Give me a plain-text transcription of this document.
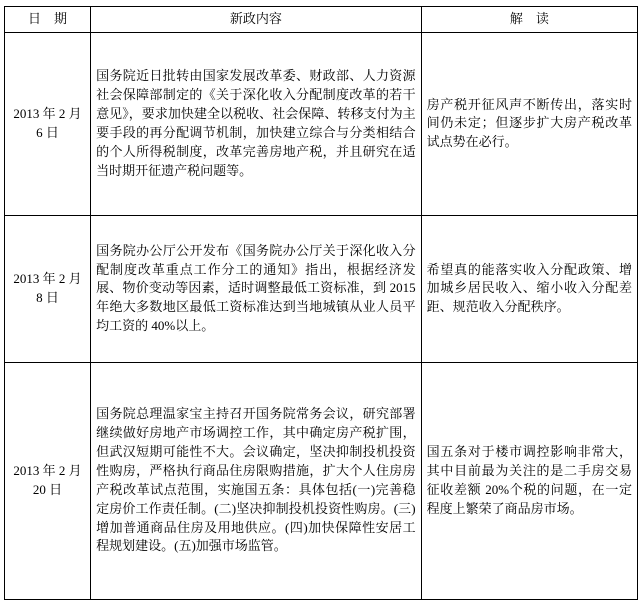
日　期	新政内容	解　读
2013 年 2 月 6 日	国务院近日批转由国家发展改革委、财政部、人力资源社会保障部制定的《关于深化收入分配制度改革的若干意见》，要求加快建全以税收、社会保障、转移支付为主要手段的再分配调节机制，加快建立综合与分类相结合的个人所得税制度，改革完善房地产税，并且研究在适当时期开征遗产税问题等。	房产税开征风声不断传出，落实时间仍未定；但逐步扩大房产税改革试点势在必行。
2013 年 2 月 8 日	国务院办公厅公开发布《国务院办公厅关于深化收入分配制度改革重点工作分工的通知》指出，根据经济发展、物价变动等因素，适时调整最低工资标准，到 2015 年绝大多数地区最低工资标准达到当地城镇从业人员平均工资的 40%以上。	希望真的能落实收入分配政策、增加城乡居民收入、缩小收入分配差距、规范收入分配秩序。
2013 年 2 月 20 日	国务院总理温家宝主持召开国务院常务会议，研究部署继续做好房地产市场调控工作，其中确定房产税扩围，但武汉短期可能性不大。会议确定，坚决抑制投机投资性购房，严格执行商品住房限购措施，扩大个人住房房产税改革试点范围，实施国五条：具体包括(一)完善稳定房价工作责任制。(二)坚决抑制投机投资性购房。(三)增加普通商品住房及用地供应。(四)加快保障性安居工程规划建设。(五)加强市场监管。	国五条对于楼市调控影响非常大，其中目前最为关注的是二手房交易征收差额 20%个税的问题，在一定程度上繁荣了商品房市场。
